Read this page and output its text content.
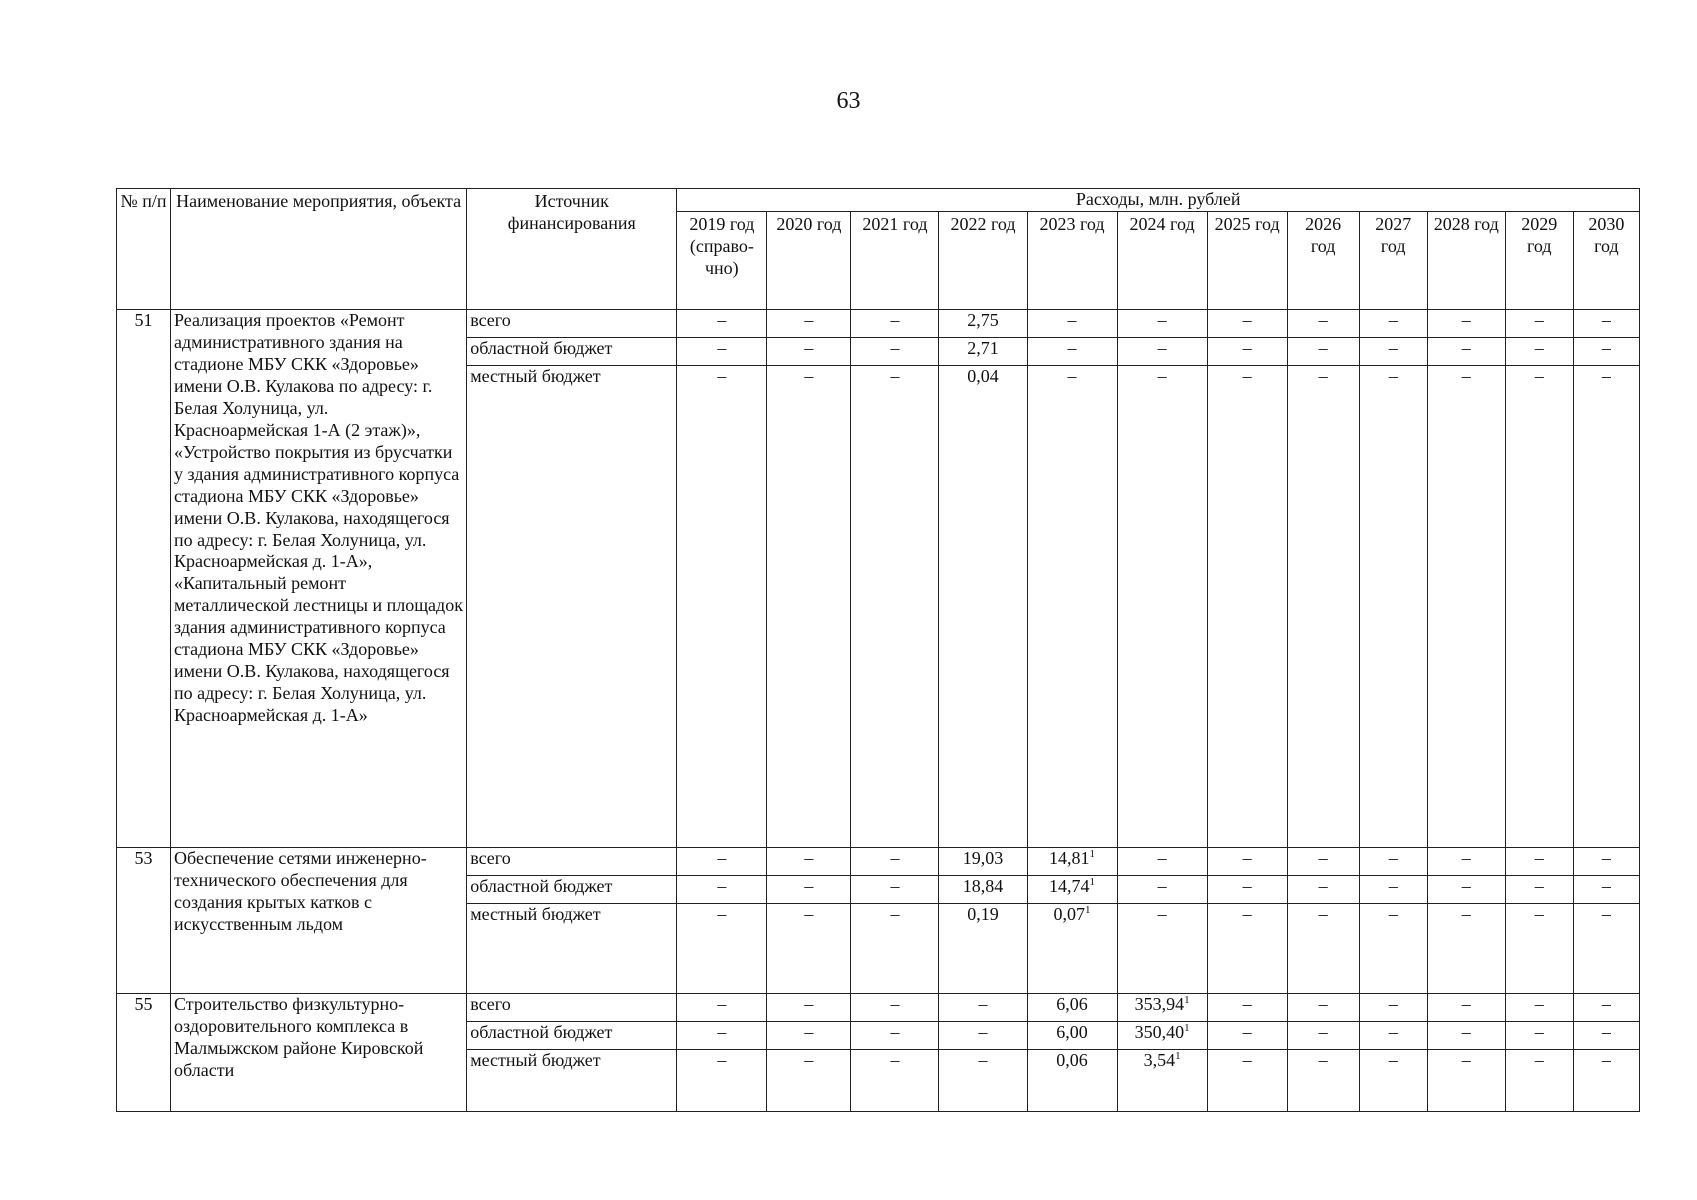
63
№ п/п	Наименование мероприятия, объекта	Источник финансирования	Расходы, млн. рублей											
			2019 год (справо-чно)	2020 год	2021 год	2022 год	2023 год	2024 год	2025 год	2026 год	2027 год	2028 год	2029 год	2030 год
51	Реализация проектов «Ремонт административного здания на стадионе МБУ СКК «Здоровье» имени О.В. Кулакова по адресу: г. Белая Холуница, ул. Красноармейская 1-А (2 этаж)», «Устройство покрытия из брусчатки у здания административного корпуса стадиона МБУ СКК «Здоровье» имени О.В. Кулакова, находящегося по адресу: г. Белая Холуница, ул. Красноармейская д. 1-А», «Капитальный ремонт металлической лестницы и площадок здания административного корпуса стадиона МБУ СКК «Здоровье» имени О.В. Кулакова, находящегося по адресу: г. Белая Холуница, ул. Красноармейская д. 1-А»	всего	–	–	–	2,75	–	–	–	–	–	–	–	–
		областной бюджет	–	–	–	2,71	–	–	–	–	–	–	–	–
		местный бюджет	–	–	–	0,04	–	–	–	–	–	–	–	–
53	Обеспечение сетями инженерно-технического обеспечения для создания крытых катков с искусственным льдом	всего	–	–	–	19,03	14,81$^1$	–	–	–	–	–	–	–
		областной бюджет	–	–	–	18,84	14,74$^1$	–	–	–	–	–	–	–
		местный бюджет	–	–	–	0,19	0,07$^1$	–	–	–	–	–	–	–
55	Строительство физкультурно-оздоровительного комплекса в Малмыжском районе Кировской области	всего	–	–	–	–	6,06	353,94$^1$	–	–	–	–	–	–
		областной бюджет	–	–	–	–	6,00	350,40$^1$	–	–	–	–	–	–
		местный бюджет	–	–	–	–	0,06	3,54$^1$	–	–	–	–	–	–
